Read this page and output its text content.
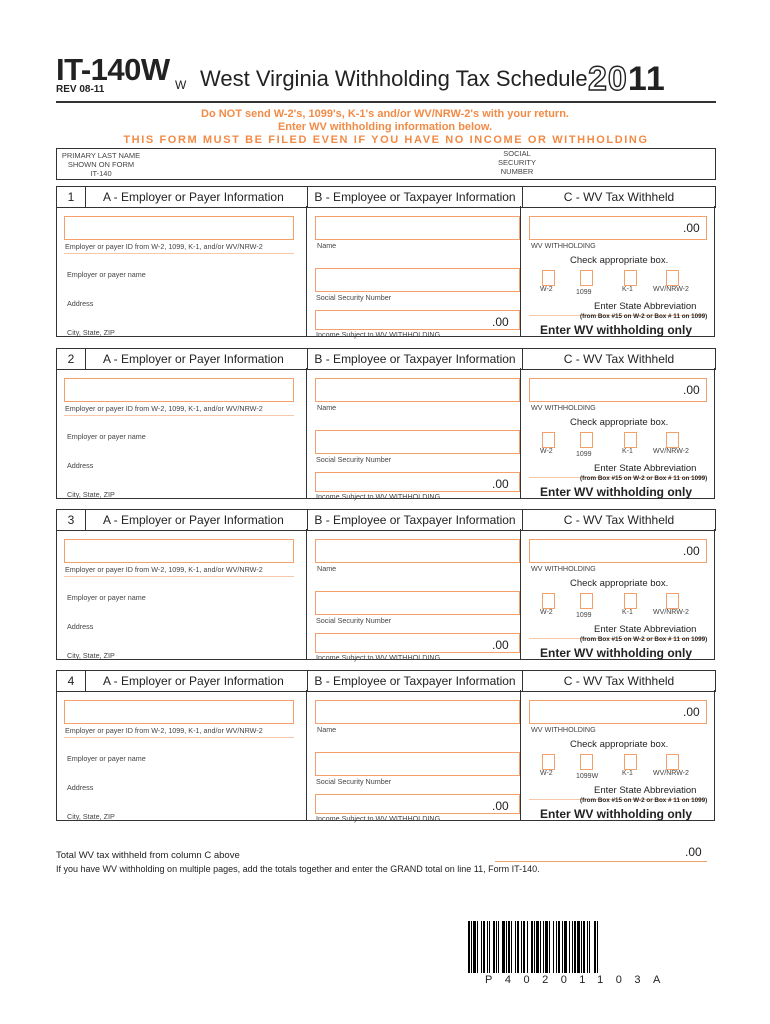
IT-140W
REV 08-11	W West Virginia Withholding Tax Schedule 2011
Do NOT send W-2's, 1099's, K-1's and/or WV/NRW-2's with your return.
Enter WV withholding information below.
THIS FORM MUST BE FILED EVEN IF YOU HAVE NO INCOME OR WITHHOLDING
PRIMARY LAST NAME
SHOWN ON FORM
IT-140
SOCIAL
SECURITY
NUMBER
1	A - Employer or Payer Information	B - Employee or Taxpayer Information	C - WV Tax Withheld
Employer or payer ID from W-2, 1099, K-1, and/or WV/NRW-2
Employer or payer name
Address
City, State, ZIP
Name
Social Security Number
.00
Income Subject to WV WITHHOLDING
.00
WV WITHHOLDING
Check appropriate box.
W-2	1099	K-1	WV/NRW-2
Enter State Abbreviation
(from Box #15 on W-2 or Box # 11 on 1099)
Enter WV withholding only
2	A - Employer or Payer Information	B - Employee or Taxpayer Information	C - WV Tax Withheld
Employer or payer ID from W-2, 1099, K-1, and/or WV/NRW-2
Employer or payer name
Address
City, State, ZIP
Name
Social Security Number
.00
Income Subject to WV WITHHOLDING
.00
WV WITHHOLDING
Check appropriate box.
W-2	1099	K-1	WV/NRW-2
Enter State Abbreviation
(from Box #15 on W-2 or Box # 11 on 1099)
Enter WV withholding only
3	A - Employer or Payer Information	B - Employee or Taxpayer Information	C - WV Tax Withheld
Employer or payer ID from W-2, 1099, K-1, and/or WV/NRW-2
Employer or payer name
Address
City, State, ZIP
Name
Social Security Number
.00
Income Subject to WV WITHHOLDING
.00
WV WITHHOLDING
Check appropriate box.
W-2	1099	K-1	WV/NRW-2
Enter State Abbreviation
(from Box #15 on W-2 or Box # 11 on 1099)
Enter WV withholding only
4	A - Employer or Payer Information	B - Employee or Taxpayer Information	C - WV Tax Withheld
Employer or payer ID from W-2, 1099, K-1, and/or WV/NRW-2
Employer or payer name
Address
City, State, ZIP
Name
Social Security Number
.00
Income Subject to WV WITHHOLDING
.00
WV WITHHOLDING
Check appropriate box.
W-2	1099W	K-1	WV/NRW-2
Enter State Abbreviation
(from Box #15 on W-2 or Box # 11 on 1099)
Enter WV withholding only
Total WV tax withheld from column C above	.00
If you have WV withholding on multiple pages, add the totals together and enter the GRAND total on line 11, Form IT-140.
P40201103A
